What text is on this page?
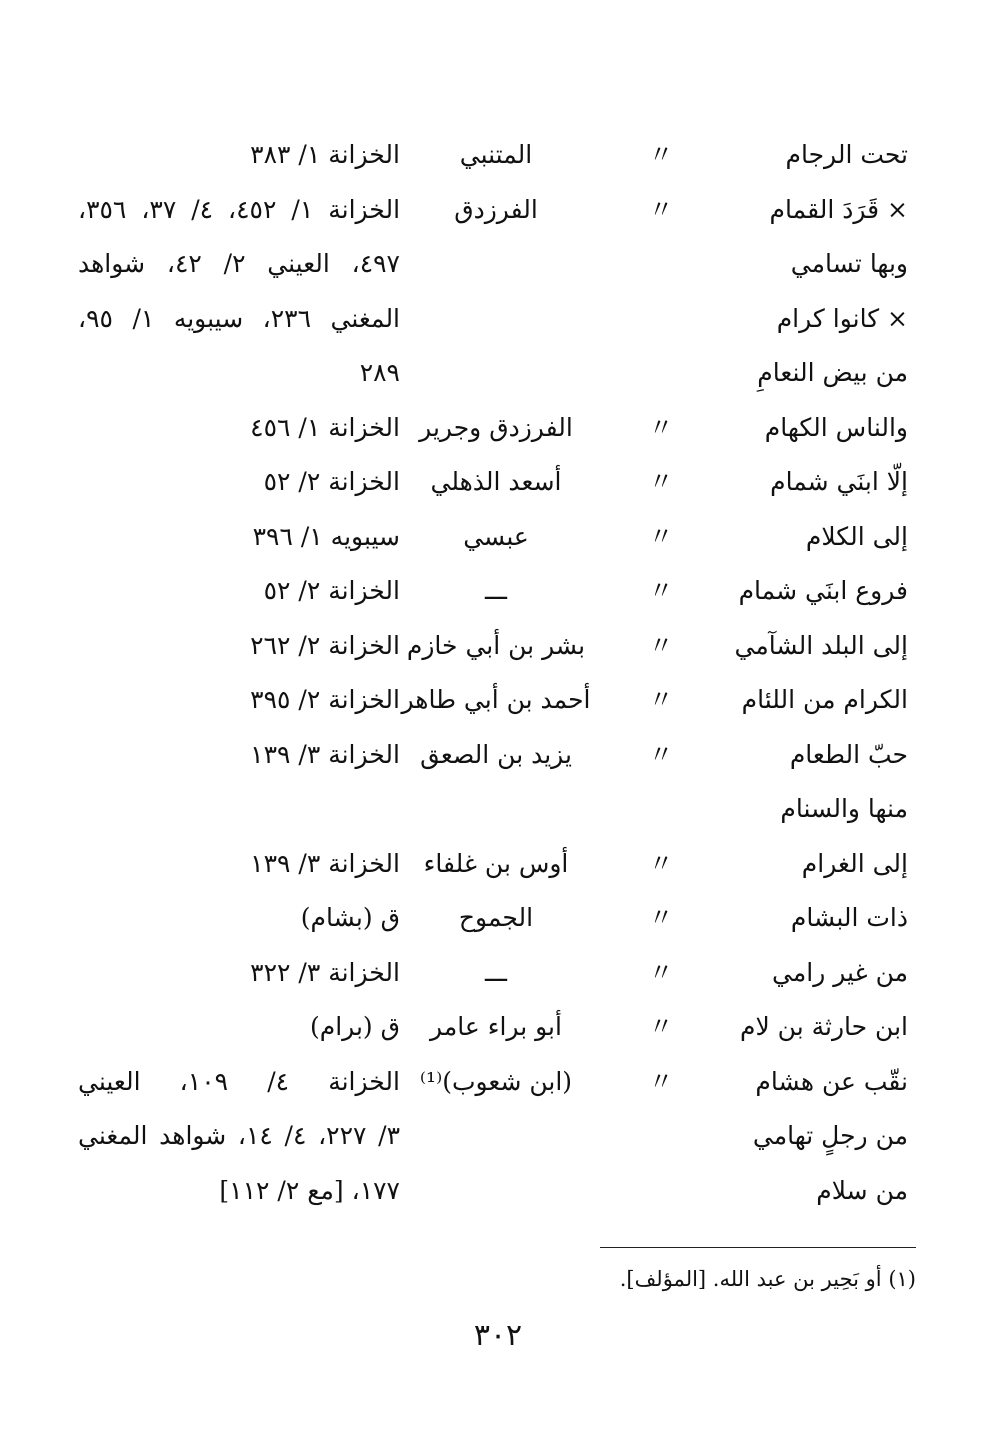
تحت الرجام
〃
المتنبي
الخزانة ١/ ٣٨٣
× قَرَدَ القمام
〃
الفرزدق
الخزانة ١/ ٤٥٢، ٤/ ٣٧، ٣٥٦،
وبها تسامي
٤٩٧، العيني ٢/ ٤٢، شواهد
× كانوا كرام
المغني ٢٣٦، سيبويه ١/ ٩٥،
من بيض النعامِ
٢٨٩
والناس الكهام
〃
الفرزدق وجرير
الخزانة ١/ ٤٥٦
إلّا ابنَي شمام
〃
أسعد الذهلي
الخزانة ٢/ ٥٢
إلى الكلام
〃
عبسي
سيبويه ١/ ٣٩٦
فروع ابنَي شمام
〃
ـــ
الخزانة ٢/ ٥٢
إلى البلد الشآمي
〃
بشر بن أبي خازم
الخزانة ٢/ ٢٦٢
الكرام من اللئام
〃
أحمد بن أبي طاهر
الخزانة ٢/ ٣٩٥
حبّ الطعام
〃
يزيد بن الصعق
الخزانة ٣/ ١٣٩
منها والسنام
إلى الغرام
〃
أوس بن غلفاء
الخزانة ٣/ ١٣٩
ذات البشام
〃
الجموح
ق (بشام)
من غير رامي
〃
ـــ
الخزانة ٣/ ٣٢٢
ابن حارثة بن لام
〃
أبو براء عامر
ق (برام)
نقّب عن هشام
〃
(ابن شعوب)⁽¹⁾
الخزانة ٤/ ١٠٩، العيني
من رجلٍ تهامي
٣/ ٢٢٧، ٤/ ١٤، شواهد المغني
من سلام
١٧٧، [مع ٢/ ١١٢]
(١) أو بَحِير بن عبد الله. [المؤلف].
٣٠٢
